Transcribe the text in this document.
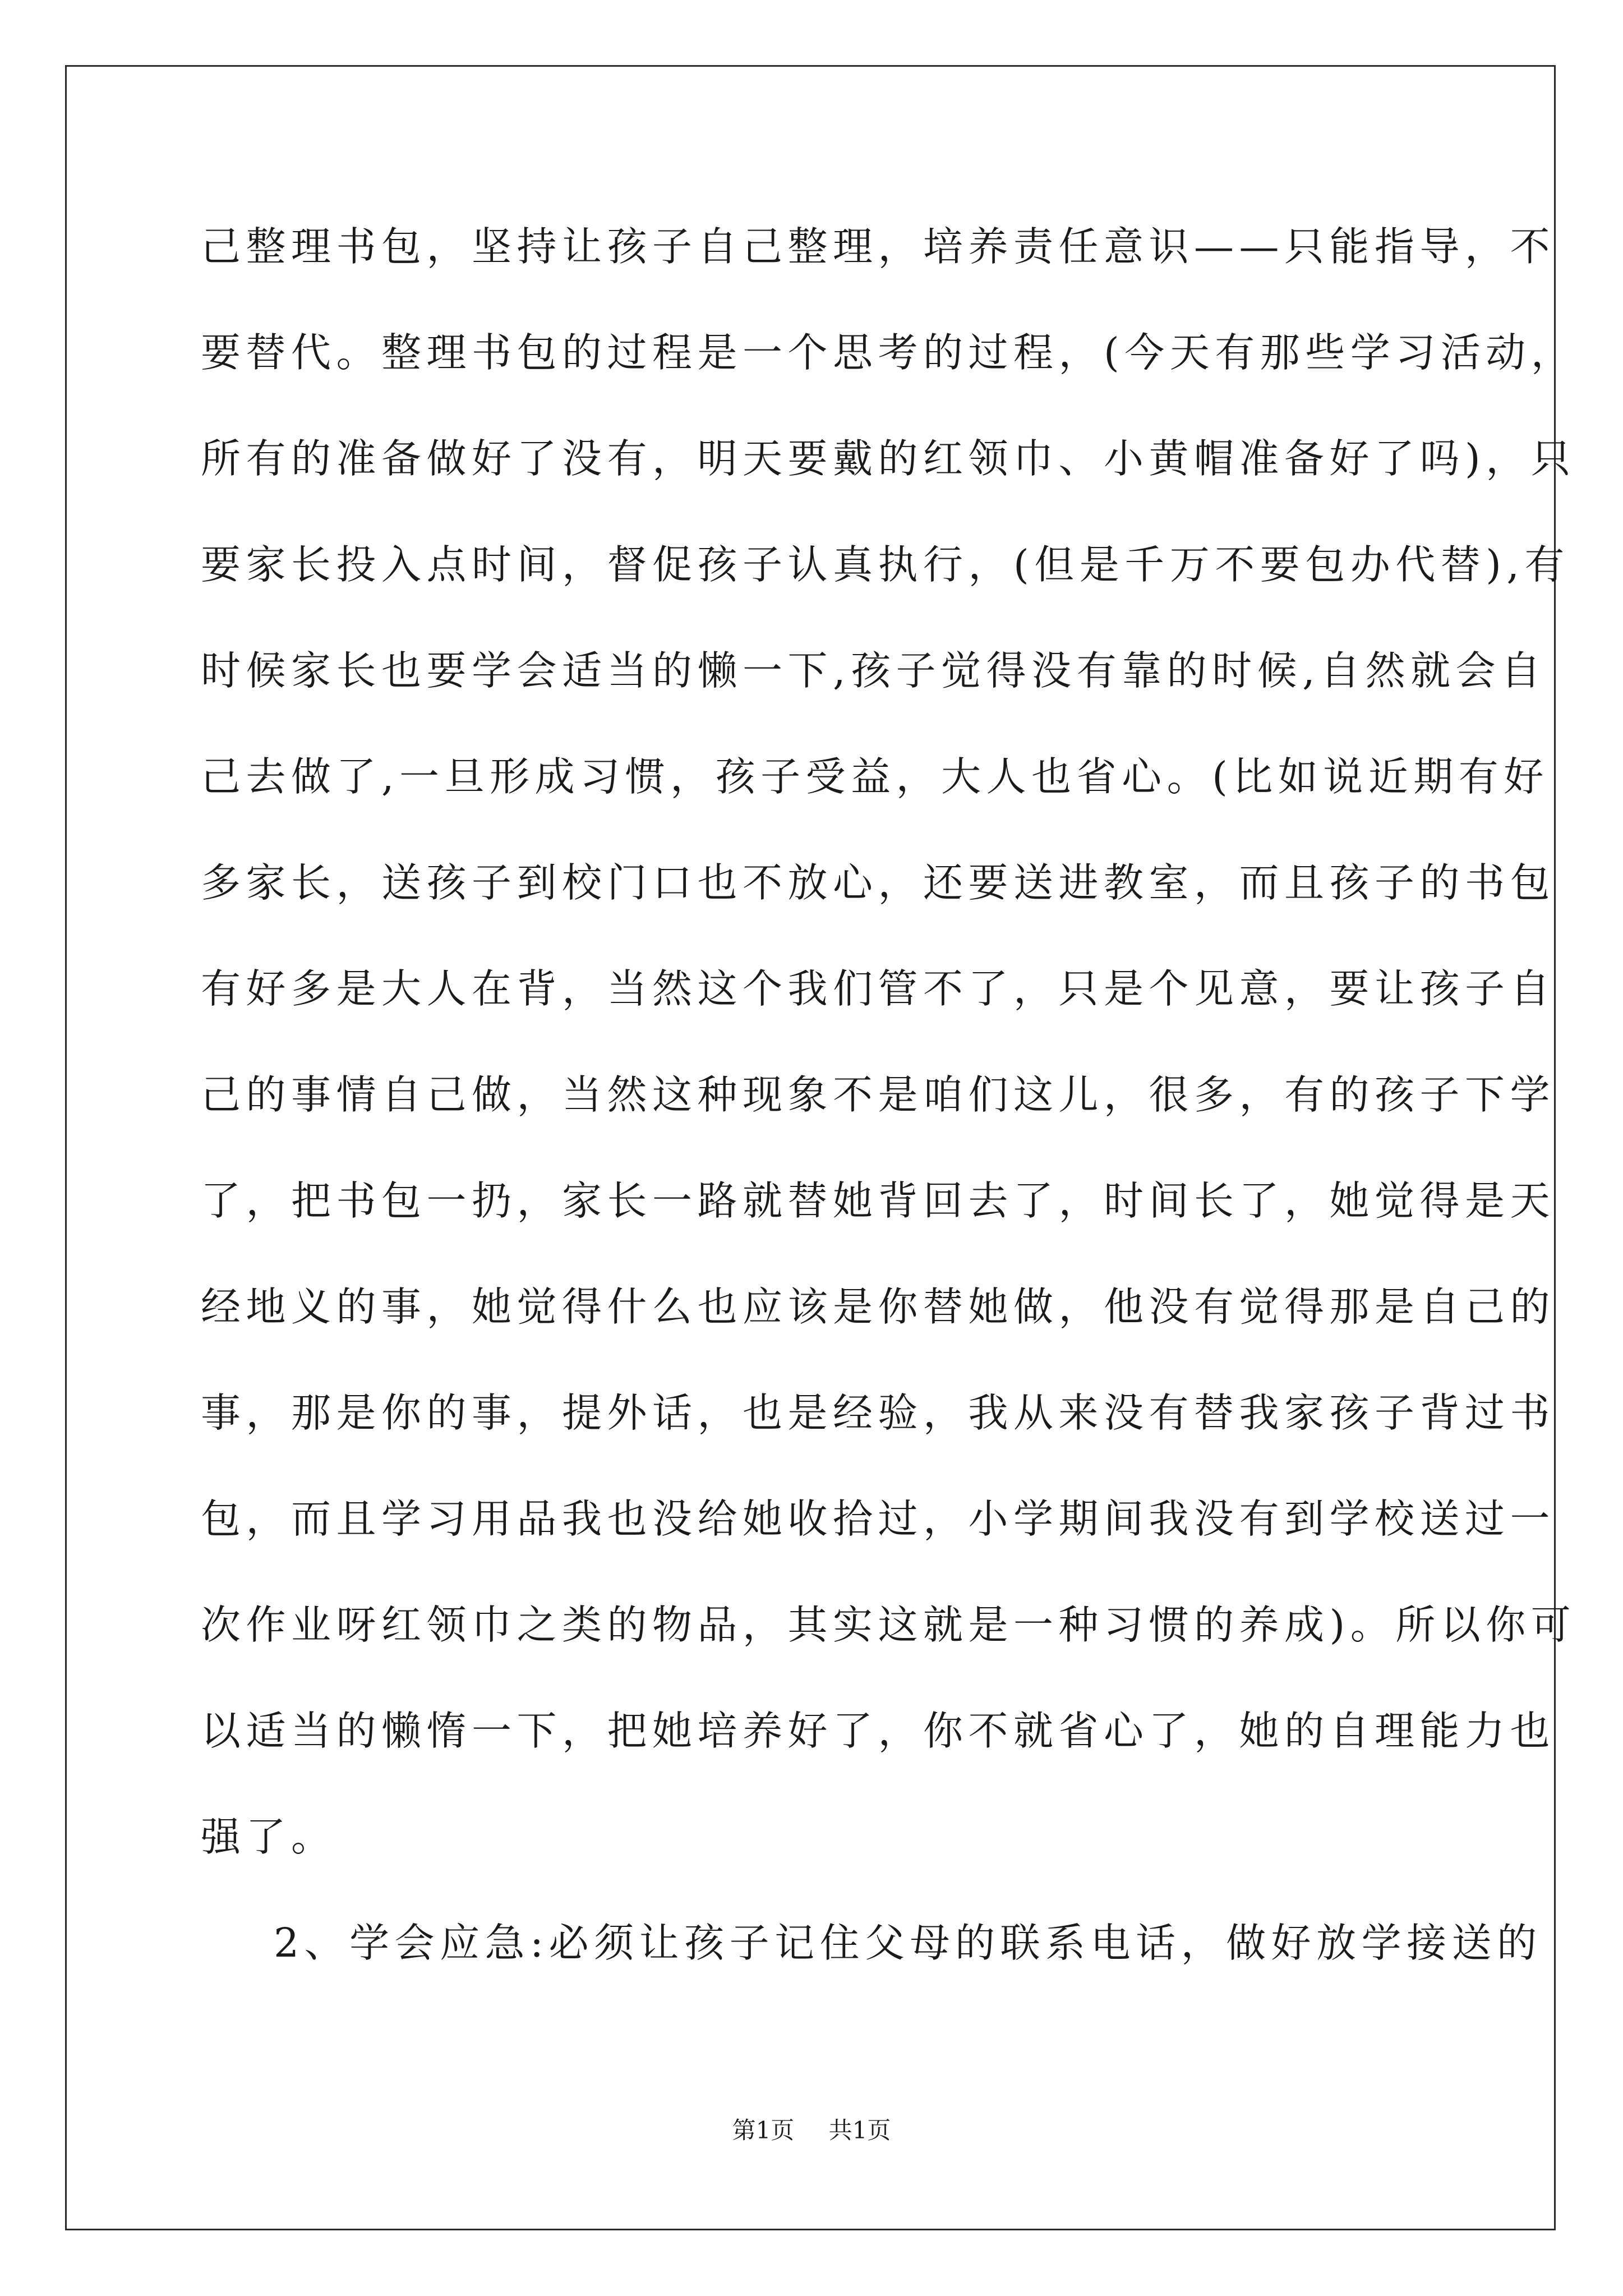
己整理书包，坚持让孩子自己整理，培养责任意识——只能指导，不
要替代。整理书包的过程是一个思考的过程，(今天有那些学习活动，
所有的准备做好了没有，明天要戴的红领巾、小黄帽准备好了吗)，只
要家长投入点时间，督促孩子认真执行，(但是千万不要包办代替),有
时候家长也要学会适当的懒一下,孩子觉得没有靠的时候,自然就会自
己去做了,一旦形成习惯，孩子受益，大人也省心。(比如说近期有好
多家长，送孩子到校门口也不放心，还要送进教室，而且孩子的书包
有好多是大人在背，当然这个我们管不了，只是个见意，要让孩子自
己的事情自己做，当然这种现象不是咱们这儿，很多，有的孩子下学
了，把书包一扔，家长一路就替她背回去了，时间长了，她觉得是天
经地义的事，她觉得什么也应该是你替她做，他没有觉得那是自己的
事，那是你的事，提外话，也是经验，我从来没有替我家孩子背过书
包，而且学习用品我也没给她收拾过，小学期间我没有到学校送过一
次作业呀红领巾之类的物品，其实这就是一种习惯的养成)。所以你可
以适当的懒惰一下，把她培养好了，你不就省心了，她的自理能力也
强了。
2、学会应急:必须让孩子记住父母的联系电话，做好放学接送的
第1页 共1页
